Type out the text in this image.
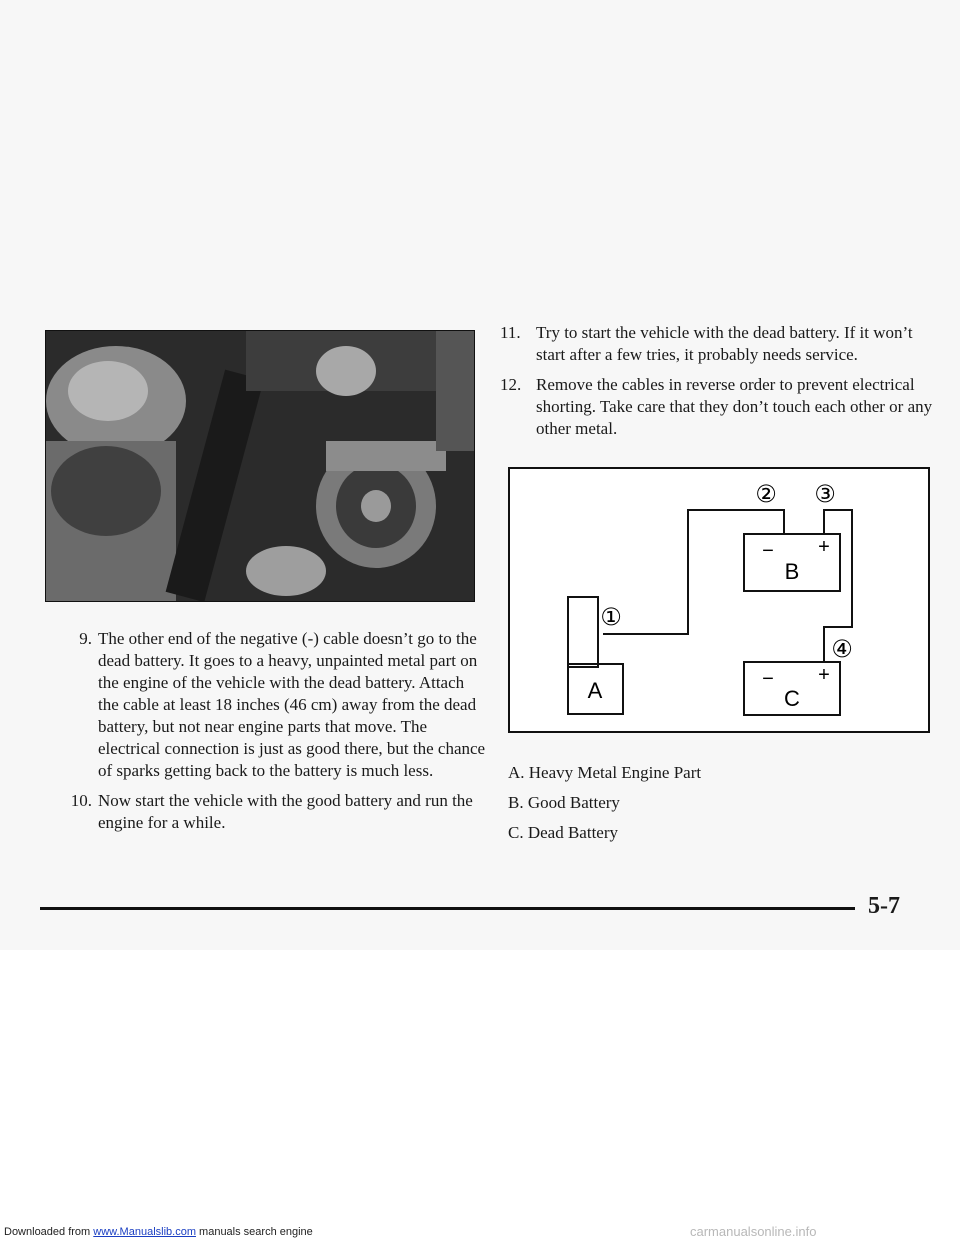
9. The other end of the negative (-) cable doesn’t go to the dead battery. It goes to a heavy, unpainted metal part on the engine of the vehicle with the dead battery. Attach the cable at least 18 inches (46 cm) away from the dead battery, but not near engine parts that move. The electrical connection is just as good there, but the chance of sparks getting back to the battery is much less.
10. Now start the vehicle with the good battery and run the engine for a while.
11. Try to start the vehicle with the dead battery. If it won’t start after a few tries, it probably needs service.
12. Remove the cables in reverse order to prevent electrical shorting. Take care that they don’t touch each other or any other metal.
A
−
B
+
−
C
+
② ③
①
④
A. Heavy Metal Engine Part
B. Good Battery
C. Dead Battery
5-7
Downloaded from www.Manualslib.com manuals search engine	carmanualsonline.info
